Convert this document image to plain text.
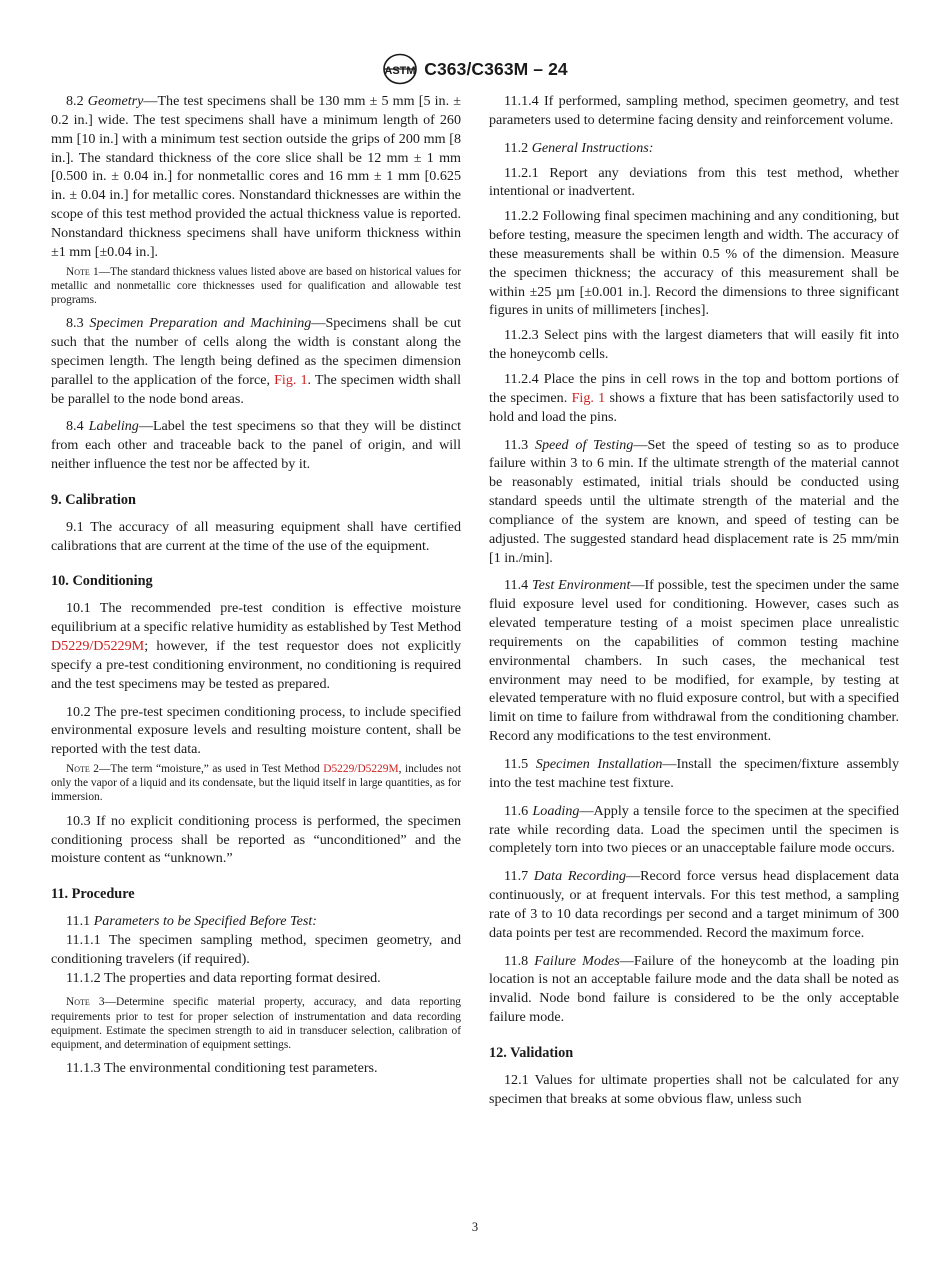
ASTM C363/C363M – 24

8.2 Geometry—The test specimens shall be 130 mm ± 5 mm [5 in. ± 0.2 in.] wide. The test specimens shall have a minimum length of 260 mm [10 in.] with a minimum test section outside the grips of 200 mm [8 in.]. The standard thickness of the core slice shall be 12 mm ± 1 mm [0.500 in. ± 0.04 in.] for nonmetallic cores and 16 mm ± 1 mm [0.625 in. ± 0.04 in.] for metallic cores. Nonstandard thicknesses are within the scope of this test method provided the actual thickness value is reported. Nonstandard thickness specimens shall have uniform thickness within ±1 mm [±0.04 in.].

Note 1—The standard thickness values listed above are based on historical values for metallic and nonmetallic core thicknesses used for qualification and allowable test programs.

8.3 Specimen Preparation and Machining—Specimens shall be cut such that the number of cells along the width is constant along the specimen length. The length being defined as the specimen dimension parallel to the application of the force, Fig. 1. The specimen width shall be parallel to the node bond areas.

8.4 Labeling—Label the test specimens so that they will be distinct from each other and traceable back to the panel of origin, and will neither influence the test nor be affected by it.

9. Calibration

9.1 The accuracy of all measuring equipment shall have certified calibrations that are current at the time of the use of the equipment.

10. Conditioning

10.1 The recommended pre-test condition is effective moisture equilibrium at a specific relative humidity as established by Test Method D5229/D5229M; however, if the test requestor does not explicitly specify a pre-test conditioning environment, no conditioning is required and the test specimens may be tested as prepared.

10.2 The pre-test specimen conditioning process, to include specified environmental exposure levels and resulting moisture content, shall be reported with the test data.

Note 2—The term “moisture,” as used in Test Method D5229/D5229M, includes not only the vapor of a liquid and its condensate, but the liquid itself in large quantities, as for immersion.

10.3 If no explicit conditioning process is performed, the specimen conditioning process shall be reported as “unconditioned” and the moisture content as “unknown.”

11. Procedure

11.1 Parameters to be Specified Before Test:

11.1.1 The specimen sampling method, specimen geometry, and conditioning travelers (if required).

11.1.2 The properties and data reporting format desired.

Note 3—Determine specific material property, accuracy, and data reporting requirements prior to test for proper selection of instrumentation and data recording equipment. Estimate the specimen strength to aid in transducer selection, calibration of equipment, and determination of equipment settings.

11.1.3 The environmental conditioning test parameters.

11.1.4 If performed, sampling method, specimen geometry, and test parameters used to determine facing density and reinforcement volume.

11.2 General Instructions:

11.2.1 Report any deviations from this test method, whether intentional or inadvertent.

11.2.2 Following final specimen machining and any conditioning, but before testing, measure the specimen length and width. The accuracy of these measurements shall be within 0.5 % of the dimension. Measure the specimen thickness; the accuracy of this measurement shall be within ±25 µm [±0.001 in.]. Record the dimensions to three significant figures in units of millimeters [inches].

11.2.3 Select pins with the largest diameters that will easily fit into the honeycomb cells.

11.2.4 Place the pins in cell rows in the top and bottom portions of the specimen. Fig. 1 shows a fixture that has been satisfactorily used to hold and load the pins.

11.3 Speed of Testing—Set the speed of testing so as to produce failure within 3 to 6 min. If the ultimate strength of the material cannot be reasonably estimated, initial trials should be conducted using standard speeds until the ultimate strength of the material and the compliance of the system are known, and speed of testing can be adjusted. The suggested standard head displacement rate is 25 mm/min [1 in./min].

11.4 Test Environment—If possible, test the specimen under the same fluid exposure level used for conditioning. However, cases such as elevated temperature testing of a moist specimen place unrealistic requirements on the capabilities of common testing machine environmental chambers. In such cases, the mechanical test environment may need to be modified, for example, by testing at elevated temperature with no fluid exposure control, but with a specified limit on time to failure from withdrawal from the conditioning chamber. Record any modifications to the test environment.

11.5 Specimen Installation—Install the specimen/fixture assembly into the test machine test fixture.

11.6 Loading—Apply a tensile force to the specimen at the specified rate while recording data. Load the specimen until the specimen is completely torn into two pieces or an unacceptable failure mode occurs.

11.7 Data Recording—Record force versus head displacement data continuously, or at frequent intervals. For this test method, a sampling rate of 3 to 10 data recordings per second and a target minimum of 300 data points per test are recommended. Record the maximum force.

11.8 Failure Modes—Failure of the honeycomb at the loading pin location is not an acceptable failure mode and the data shall be noted as invalid. Node bond failure is considered to be the only acceptable failure mode.

12. Validation

12.1 Values for ultimate properties shall not be calculated for any specimen that breaks at some obvious flaw, unless such

3
